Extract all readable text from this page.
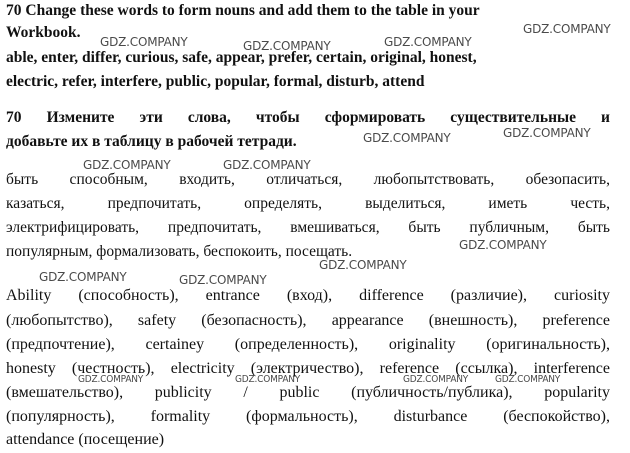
70 Change these words to form nouns and add them to the table in your
Workbook.
able, enter, differ, curious, safe, appear, prefer, certain, original, honest,
electric, refer, interfere, public, popular, formal, disturb, attend
70 Измените эти слова, чтобы сформировать существительные и
добавьте их в таблицу в рабочей тетради.
быть способным, входить, отличаться, любопытствовать, обезопасить,
казаться, предпочитать, определять, выделиться, иметь честь,
электрифицировать, предпочитать, вмешиваться, быть публичным, быть
популярным, формализовать, беспокоить, посещать.
Ability (способность), entrance (вход), difference (различие), curiosity
(любопытство), safety (безопасность), appearance (внешность), preference
(предпочтение), certainey (определенность), originality (оригинальность),
honesty (честность), electricity (электричество), reference (ссылка), interference
(вмешательство), publicity / public (публичность/публика), popularity
(популярность), formality (формальность), disturbance (беспокойство),
attendance (посещение)
GDZ.COMPANY
GDZ.COMPANY	GDZ.COMPANY	GDZ.COMPANY
GDZ.COMPANY
GDZ.COMPANY
GDZ.COMPANY	GDZ.COMPANY
GDZ.COMPANY
GDZ.COMPANY
GDZ.COMPANY	GDZ.COMPANY
GDZ.COMPANY	GDZ.COMPANY	GDZ.COMPANY	GDZ.COMPANY
